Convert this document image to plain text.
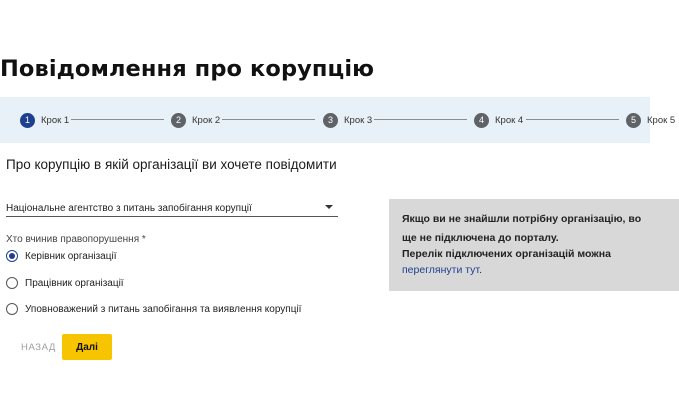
Повідомлення про корупцію
1	Крок 1	2	Крок 2	3	Крок 3	4	Крок 4	5	Крок 5
Про корупцію в якій організації ви хочете повідомити
Національне агентство з питань запобігання корупції
Хто вчинив правопорушення *
Керівник організації
Працівник організації
Уповноважений з питань запобігання та виявлення корупції
НАЗАД	Далі
Якщо ви не знайшли потрібну організацію, во
ще не підключена до порталу.
Перелік підключених організацій можна
переглянути тут.
